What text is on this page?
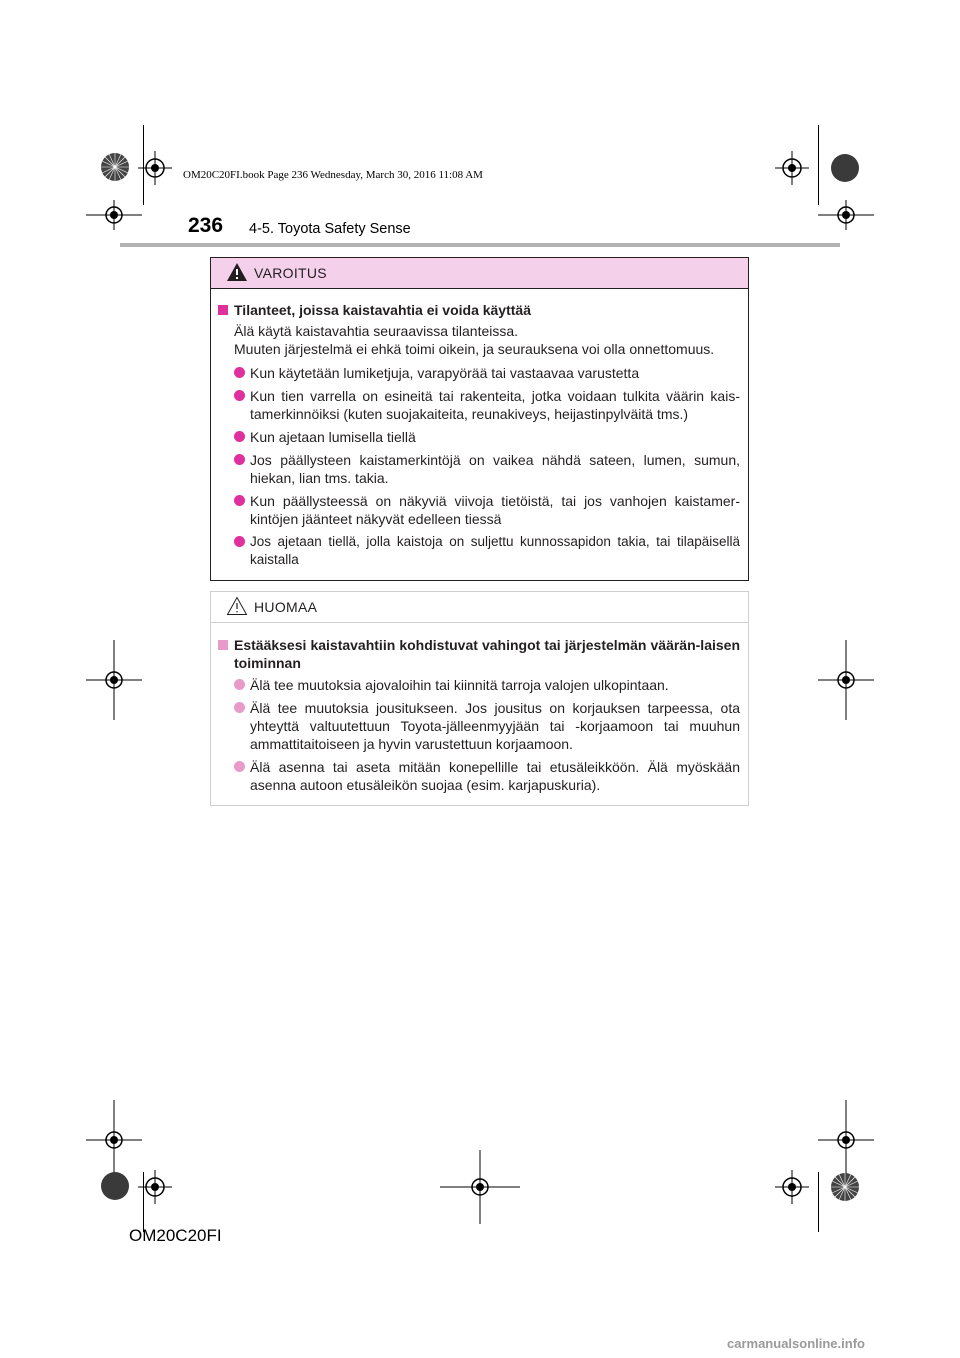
OM20C20FI.book Page 236 Wednesday, March 30, 2016 11:08 AM
236 4-5. Toyota Safety Sense
VAROITUS
Tilanteet, joissa kaistavahtia ei voida käyttää
Älä käytä kaistavahtia seuraavissa tilanteissa.
Muuten järjestelmä ei ehkä toimi oikein, ja seurauksena voi olla onnettomuus.
Kun käytetään lumiketjuja, varapyörää tai vastaavaa varustetta
Kun tien varrella on esineitä tai rakenteita, jotka voidaan tulkita väärin kais-tamerkinnöiksi (kuten suojakaiteita, reunakiveys, heijastinpylväitä tms.)
Kun ajetaan lumisella tiellä
Jos päällysteen kaistamerkintöjä on vaikea nähdä sateen, lumen, sumun, hiekan, lian tms. takia.
Kun päällysteessä on näkyviä viivoja tietöistä, tai jos vanhojen kaistamer-kintöjen jäänteet näkyvät edelleen tiessä
Jos ajetaan tiellä, jolla kaistoja on suljettu kunnossapidon takia, tai tilapäisellä kaistalla
HUOMAA
Estääksesi kaistavahtiin kohdistuvat vahingot tai järjestelmän väärän-laisen toiminnan
Älä tee muutoksia ajovaloihin tai kiinnitä tarroja valojen ulkopintaan.
Älä tee muutoksia jousitukseen. Jos jousitus on korjauksen tarpeessa, ota yhteyttä valtuutettuun Toyota-jälleenmyyjään tai -korjaamoon tai muuhun ammattitaitoiseen ja hyvin varustettuun korjaamoon.
Älä asenna tai aseta mitään konepellille tai etusäleikköön. Älä myöskään asenna autoon etusäleikön suojaa (esim. karjapuskuria).
OM20C20FI
carmanualsonline.info
